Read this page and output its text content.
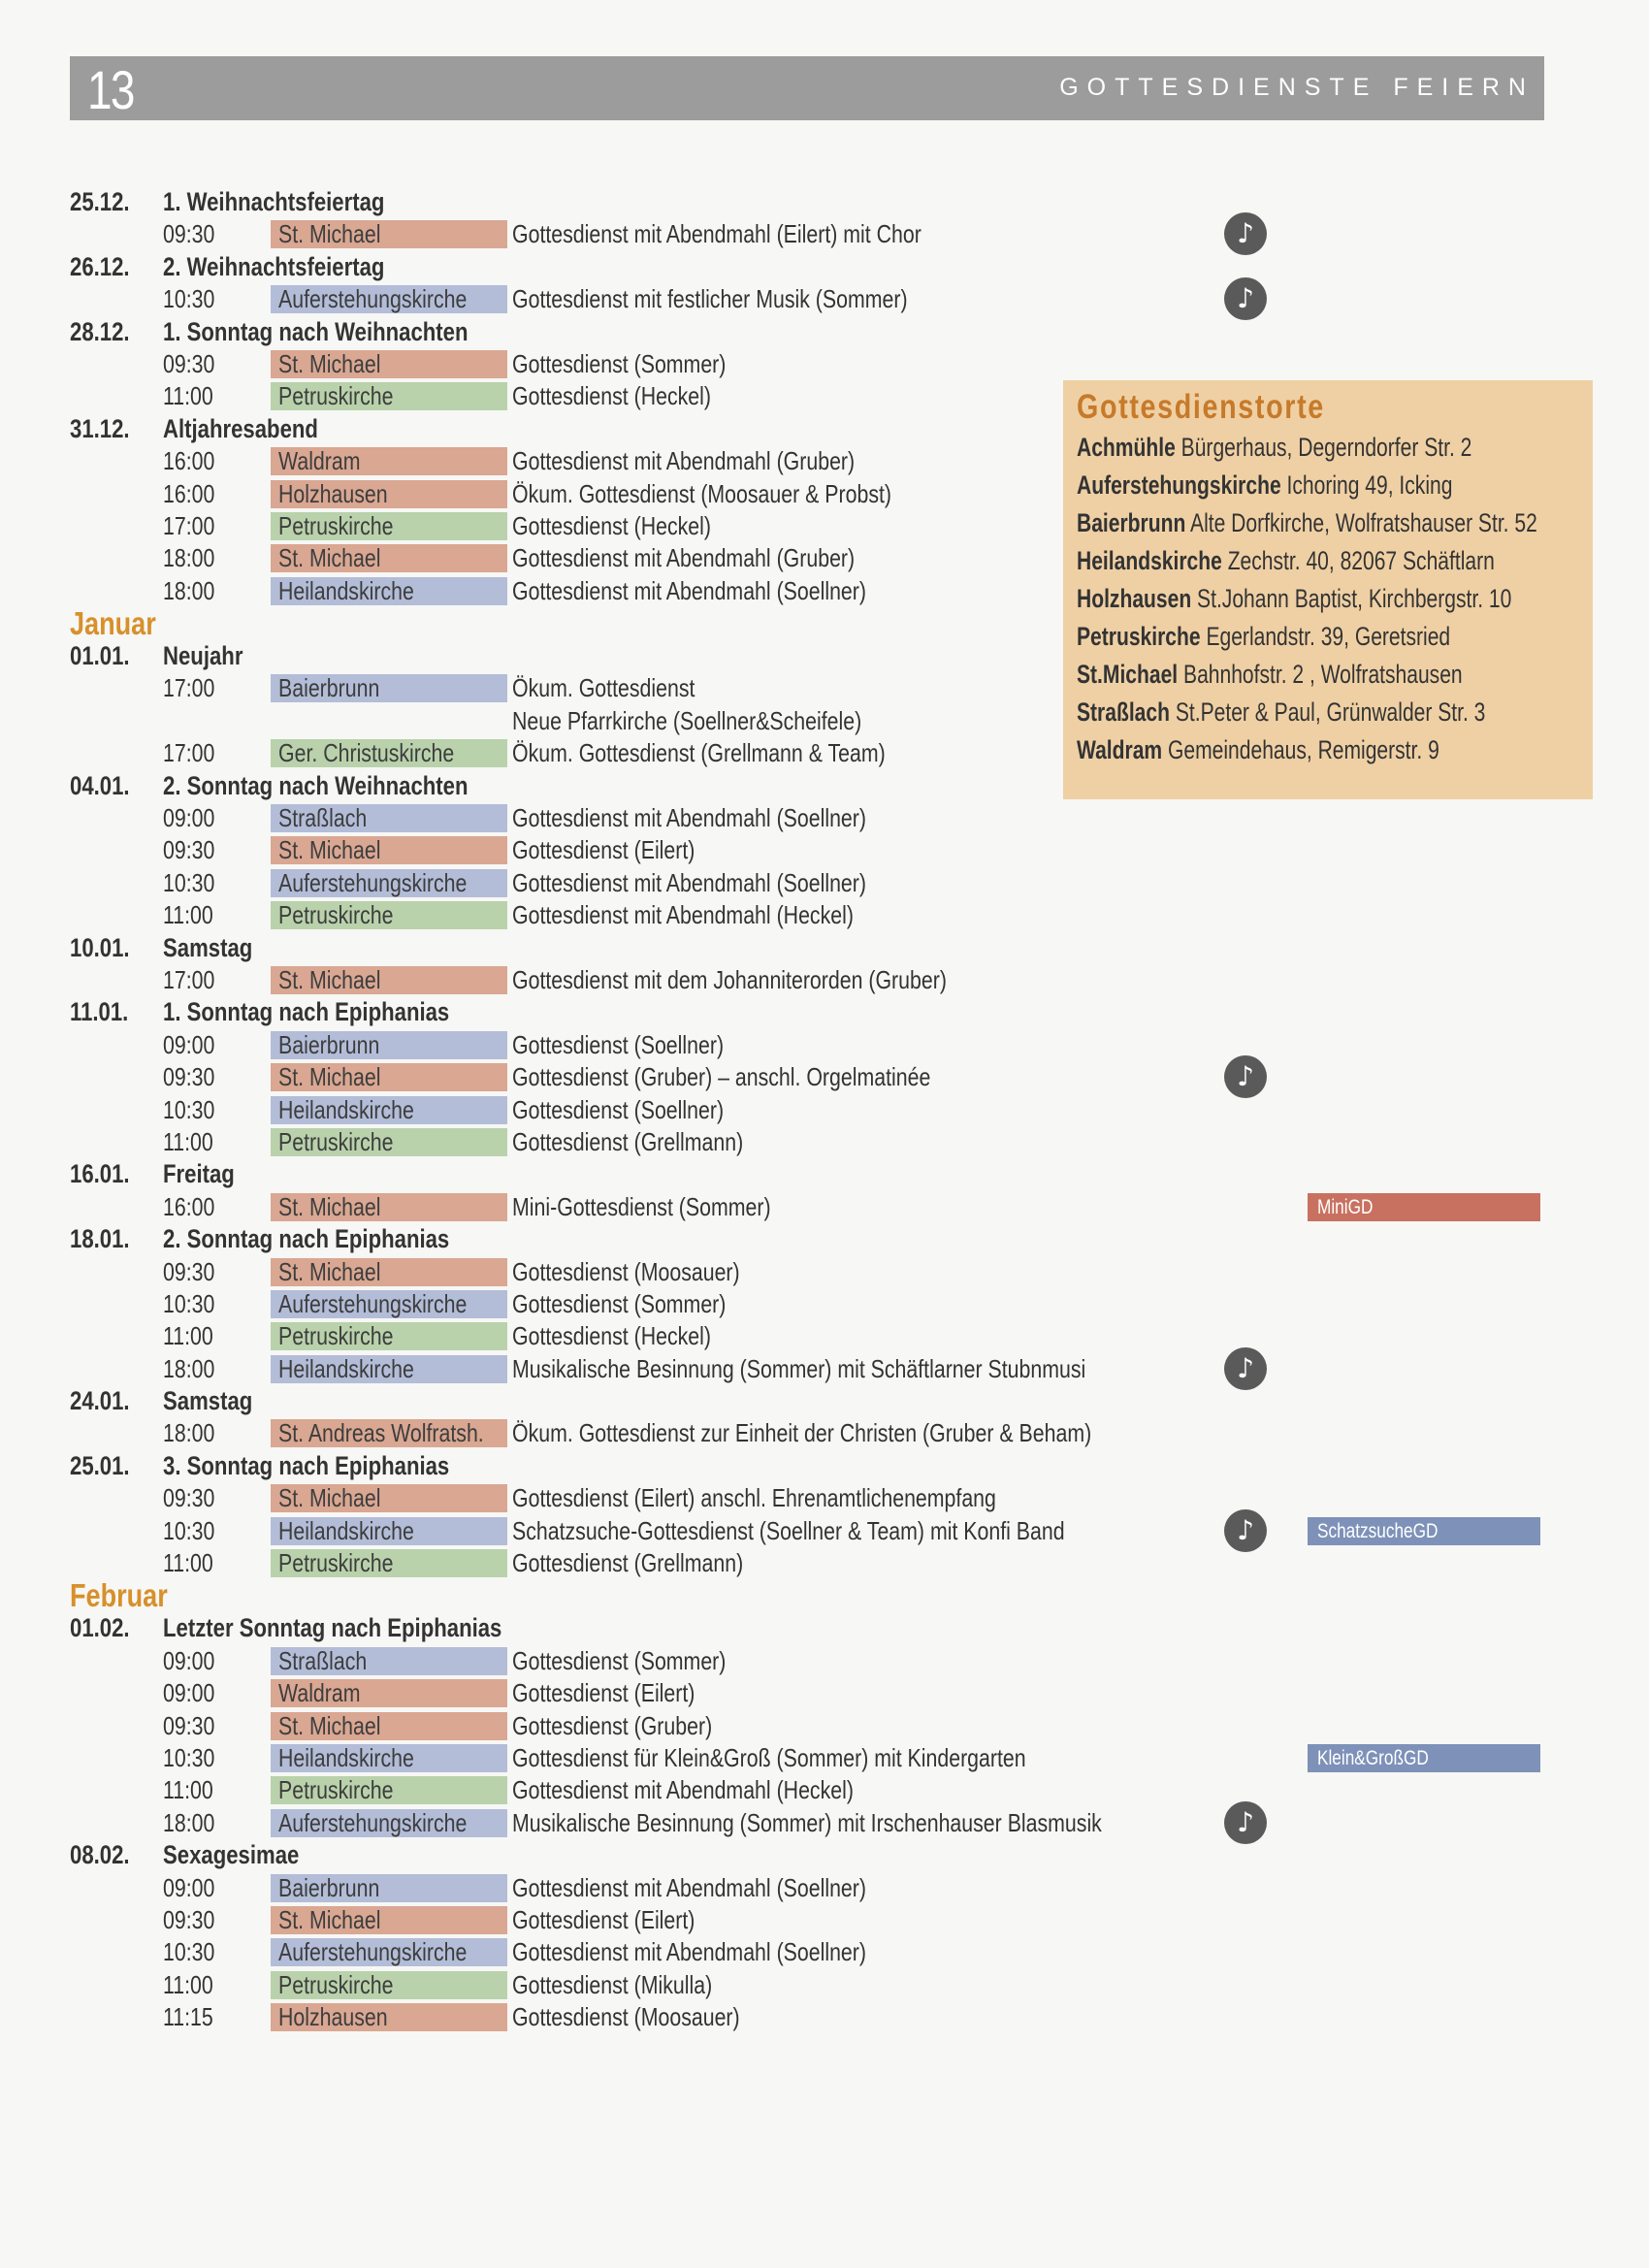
13	GOTTESDIENSTE FEIERN
25.12. 1. Weihnachtsfeiertag
09:30	St. Michael	Gottesdienst mit Abendmahl (Eilert) mit Chor	♪
26.12. 2. Weihnachtsfeiertag
10:30	Auferstehungskirche	Gottesdienst mit festlicher Musik (Sommer)	♪
28.12. 1. Sonntag nach Weihnachten
09:30	St. Michael	Gottesdienst (Sommer)
11:00	Petruskirche	Gottesdienst (Heckel)
31.12. Altjahresabend
16:00	Waldram	Gottesdienst mit Abendmahl (Gruber)
16:00	Holzhausen	Ökum. Gottesdienst (Moosauer & Probst)
17:00	Petruskirche	Gottesdienst (Heckel)
18:00	St. Michael	Gottesdienst mit Abendmahl (Gruber)
18:00	Heilandskirche	Gottesdienst mit Abendmahl (Soellner)
Januar
01.01. Neujahr
17:00	Baierbrunn	Ökum. Gottesdienst
Neue Pfarrkirche (Soellner&Scheifele)
17:00	Ger. Christuskirche	Ökum. Gottesdienst (Grellmann & Team)
04.01. 2. Sonntag nach Weihnachten
09:00	Straßlach	Gottesdienst mit Abendmahl (Soellner)
09:30	St. Michael	Gottesdienst (Eilert)
10:30	Auferstehungskirche	Gottesdienst mit Abendmahl (Soellner)
11:00	Petruskirche	Gottesdienst mit Abendmahl (Heckel)
10.01. Samstag
17:00	St. Michael	Gottesdienst mit dem Johanniterorden (Gruber)
11.01. 1. Sonntag nach Epiphanias
09:00	Baierbrunn	Gottesdienst (Soellner)
09:30	St. Michael	Gottesdienst (Gruber) – anschl. Orgelmatinée	♪
10:30	Heilandskirche	Gottesdienst (Soellner)
11:00	Petruskirche	Gottesdienst (Grellmann)
16.01. Freitag
16:00	St. Michael	Mini-Gottesdienst (Sommer)	MiniGD
18.01. 2. Sonntag nach Epiphanias
09:30	St. Michael	Gottesdienst (Moosauer)
10:30	Auferstehungskirche	Gottesdienst (Sommer)
11:00	Petruskirche	Gottesdienst (Heckel)
18:00	Heilandskirche	Musikalische Besinnung (Sommer) mit Schäftlarner Stubnmusi	♪
24.01. Samstag
18:00	St. Andreas Wolfratsh.	Ökum. Gottesdienst zur Einheit der Christen (Gruber & Beham)
25.01. 3. Sonntag nach Epiphanias
09:30	St. Michael	Gottesdienst (Eilert) anschl. Ehrenamtlichenempfang
10:30	Heilandskirche	Schatzsuche-Gottesdienst (Soellner & Team) mit Konfi Band	♪	SchatzsucheGD
11:00	Petruskirche	Gottesdienst (Grellmann)
Februar
01.02. Letzter Sonntag nach Epiphanias
09:00	Straßlach	Gottesdienst (Sommer)
09:00	Waldram	Gottesdienst (Eilert)
09:30	St. Michael	Gottesdienst (Gruber)
10:30	Heilandskirche	Gottesdienst für Klein&Groß (Sommer) mit Kindergarten	Klein&GroßGD
11:00	Petruskirche	Gottesdienst mit Abendmahl (Heckel)
18:00	Auferstehungskirche	Musikalische Besinnung (Sommer) mit Irschenhauser Blasmusik	♪
08.02. Sexagesimae
09:00	Baierbrunn	Gottesdienst mit Abendmahl (Soellner)
09:30	St. Michael	Gottesdienst (Eilert)
10:30	Auferstehungskirche	Gottesdienst mit Abendmahl (Soellner)
11:00	Petruskirche	Gottesdienst (Mikulla)
11:15	Holzhausen	Gottesdienst (Moosauer)
Gottesdienstorte
Achmühle Bürgerhaus, Degerndorfer Str. 2
Auferstehungskirche Ichoring 49, Icking
Baierbrunn Alte Dorfkirche, Wolfratshauser Str. 52
Heilandskirche Zechstr. 40, 82067 Schäftlarn
Holzhausen St.Johann Baptist, Kirchbergstr. 10
Petruskirche Egerlandstr. 39, Geretsried
St.Michael Bahnhofstr. 2 , Wolfratshausen
Straßlach St.Peter & Paul, Grünwalder Str. 3
Waldram Gemeindehaus, Remigerstr. 9
